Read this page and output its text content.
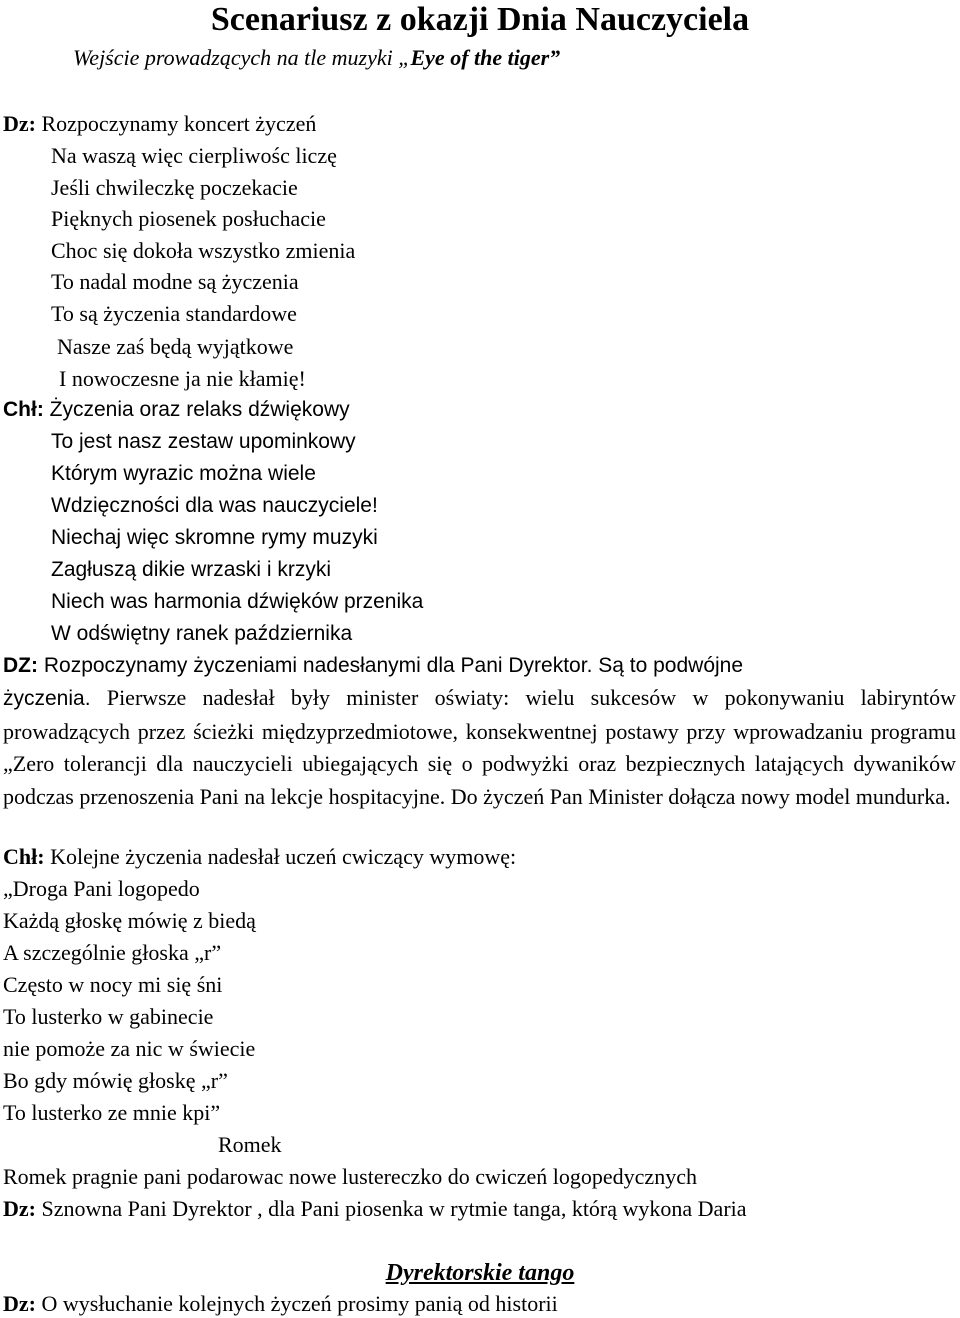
Scenariusz z okazji Dnia Nauczyciela
Wejście prowadzących na tle muzyki „Eye of the tiger”
Dz: Rozpoczynamy koncert życzeń
Na waszą więc cierpliwośc liczę
Jeśli chwileczkę poczekacie
Pięknych piosenek posłuchacie
Choc się dokoła wszystko zmienia
To nadal modne są życzenia
To są życzenia standardowe
Nasze zaś będą wyjątkowe
I nowoczesne ja nie kłamię!
Chł: Życzenia oraz relaks dźwiękowy
To jest nasz zestaw upominkowy
Którym wyrazic można wiele
Wdzięczności dla was nauczyciele!
Niechaj więc skromne rymy muzyki
Zagłuszą dikie wrzaski i krzyki
Niech was harmonia dźwięków przenika
W odświętny ranek października
DZ: Rozpoczynamy życzeniami nadesłanymi dla Pani Dyrektor. Są to podwójne
życzenia. Pierwsze nadesłał były minister oświaty: wielu sukcesów w pokonywaniu labiryntów prowadzących przez ścieżki międzyprzedmiotowe, konsekwentnej postawy przy wprowadzaniu programu „Zero tolerancji dla nauczycieli ubiegających się o podwyżki oraz bezpiecznych latających dywaników podczas przenoszenia Pani na lekcje hospitacyjne. Do życzeń Pan Minister dołącza nowy model mundurka.
Chł: Kolejne życzenia nadesłał uczeń cwiczący wymowę:
„Droga Pani logopedo
Każdą głoskę mówię z biedą
A szczególnie głoska „r”
Często w nocy mi się śni
To lusterko w gabinecie
nie pomoże za nic w świecie
Bo gdy mówię głoskę „r”
To lusterko ze mnie kpi”
Romek
Romek pragnie pani podarowac nowe lustereczko do cwiczeń logopedycznych
Dz: Sznowna Pani Dyrektor , dla Pani piosenka w rytmie tanga, którą wykona Daria
Dyrektorskie tango
Dz: O wysłuchanie kolejnych życzeń prosimy panią od historii
